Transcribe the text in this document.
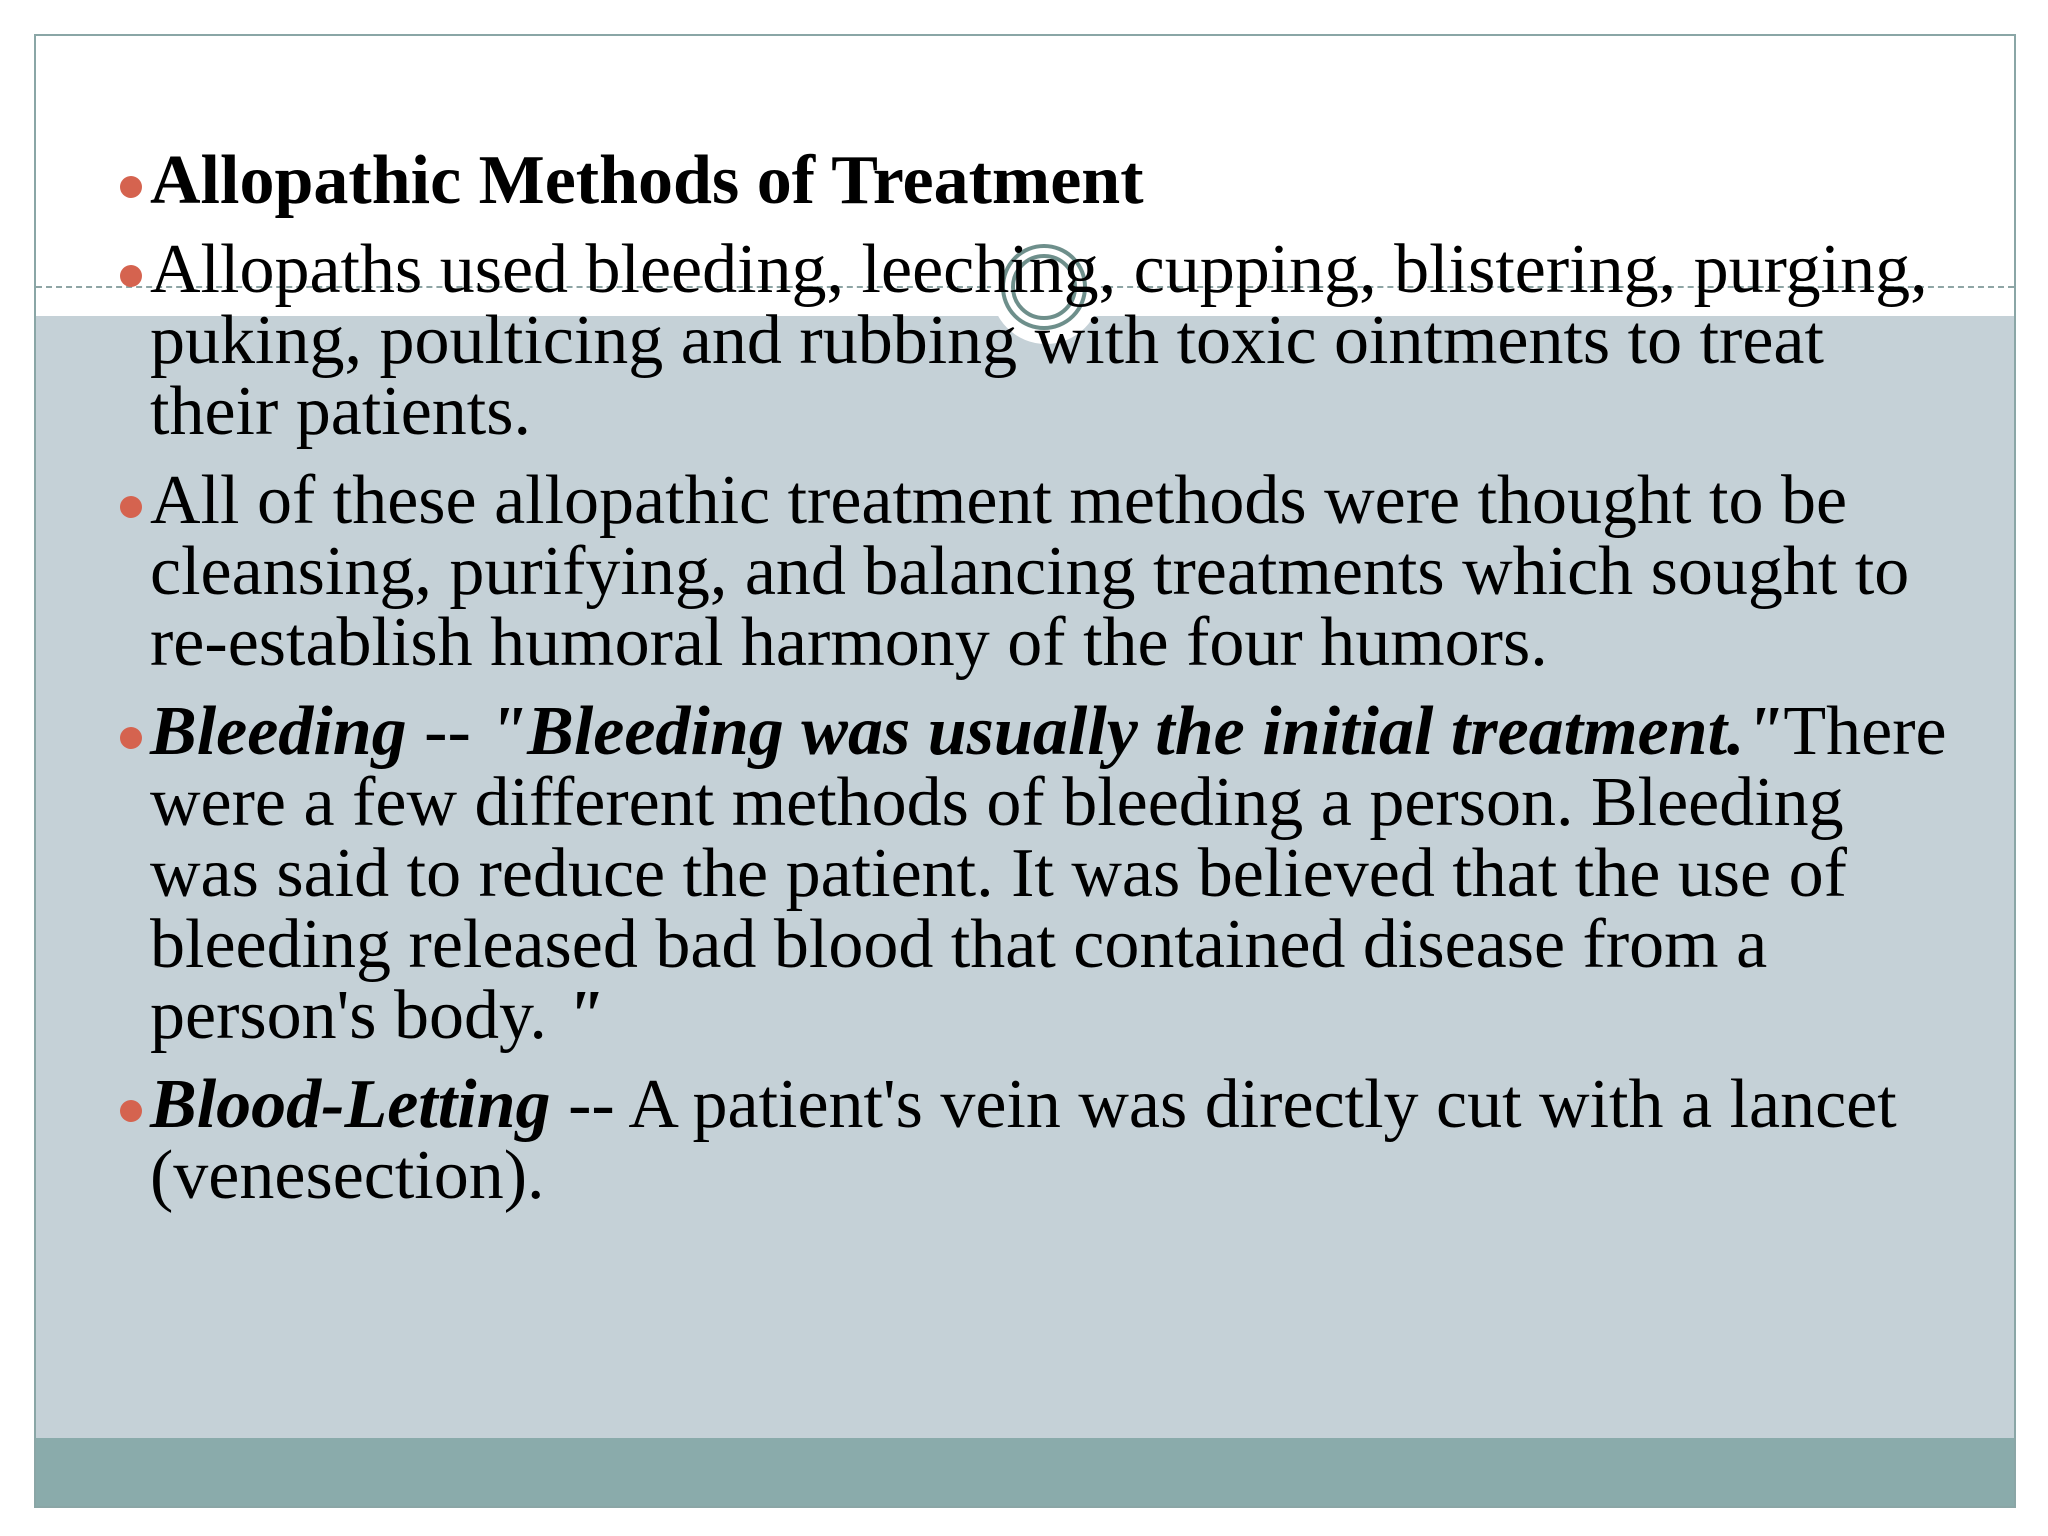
Allopathic Methods of Treatment
Allopaths used bleeding, leeching, cupping, blistering, purging, puking, poulticing and rubbing with toxic ointments to treat their patients.
All of these allopathic treatment methods were thought to be cleansing, purifying, and balancing treatments which sought to re-establish humoral harmony of the four humors.
Bleeding -- "Bleeding was usually the initial treatment."There were a few different methods of bleeding a person. Bleeding was said to reduce the patient. It was believed that the use of bleeding released bad blood that contained disease from a person's body. "
Blood-Letting -- A patient's vein was directly cut with a lancet (venesection).
